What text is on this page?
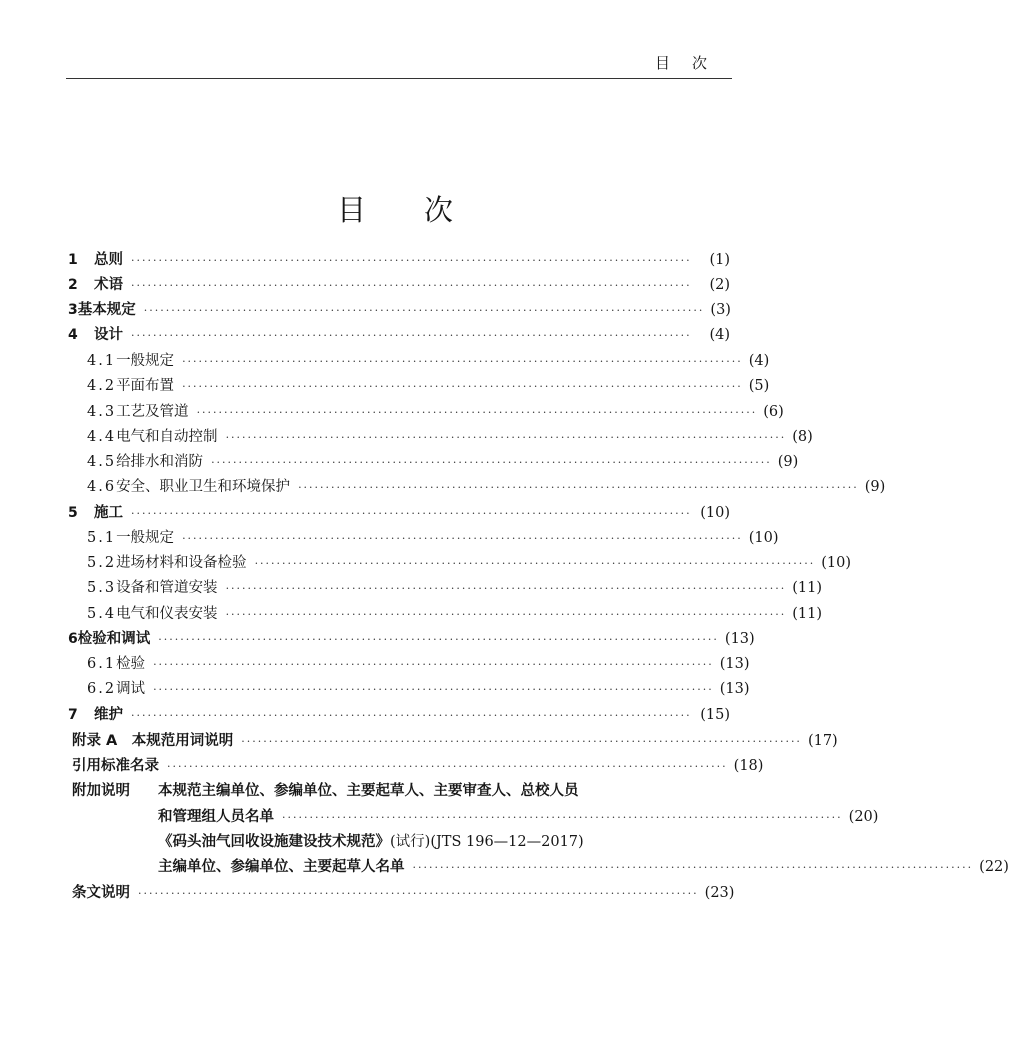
目 次
目 次
1	总则 ······································································································	(1)
2	术语 ······································································································	(2)
3 基本规定 ······································································································ (3)
4	设计 ······································································································	(4)
4.1 一般规定 ······································································································ (4)
4.2 平面布置 ······································································································ (5)
4.3 工艺及管道 ······································································································ (6)
4.4 电气和自动控制 ······································································································ (8)
4.5 给排水和消防 ······································································································ (9)
4.6 安全、职业卫生和环境保护 ······································································································ (9)
5	施工 ······································································································ (10)
5.1 一般规定 ······································································································ (10)
5.2 进场材料和设备检验 ······································································································ (10)
5.3 设备和管道安装 ······································································································ (11)
5.4 电气和仪表安装 ······································································································ (11)
6 检验和调试 ······································································································ (13)
6.1 检验 ······································································································ (13)
6.2 调试 ······································································································ (13)
7	维护 ······································································································ (15)
附录 A　本规范用词说明 ······································································································ (17)
引用标准名录 ······································································································ (18)
附加说明 本规范主编单位、参编单位、主要起草人、主要审查人、总校人员
和管理组人员名单 ······································································································ (20)
《码头油气回收设施建设技术规范》(试行)(JTS 196—12—2017)
主编单位、参编单位、主要起草人名单 ······································································································ (22)
条文说明 ······································································································ (23)
